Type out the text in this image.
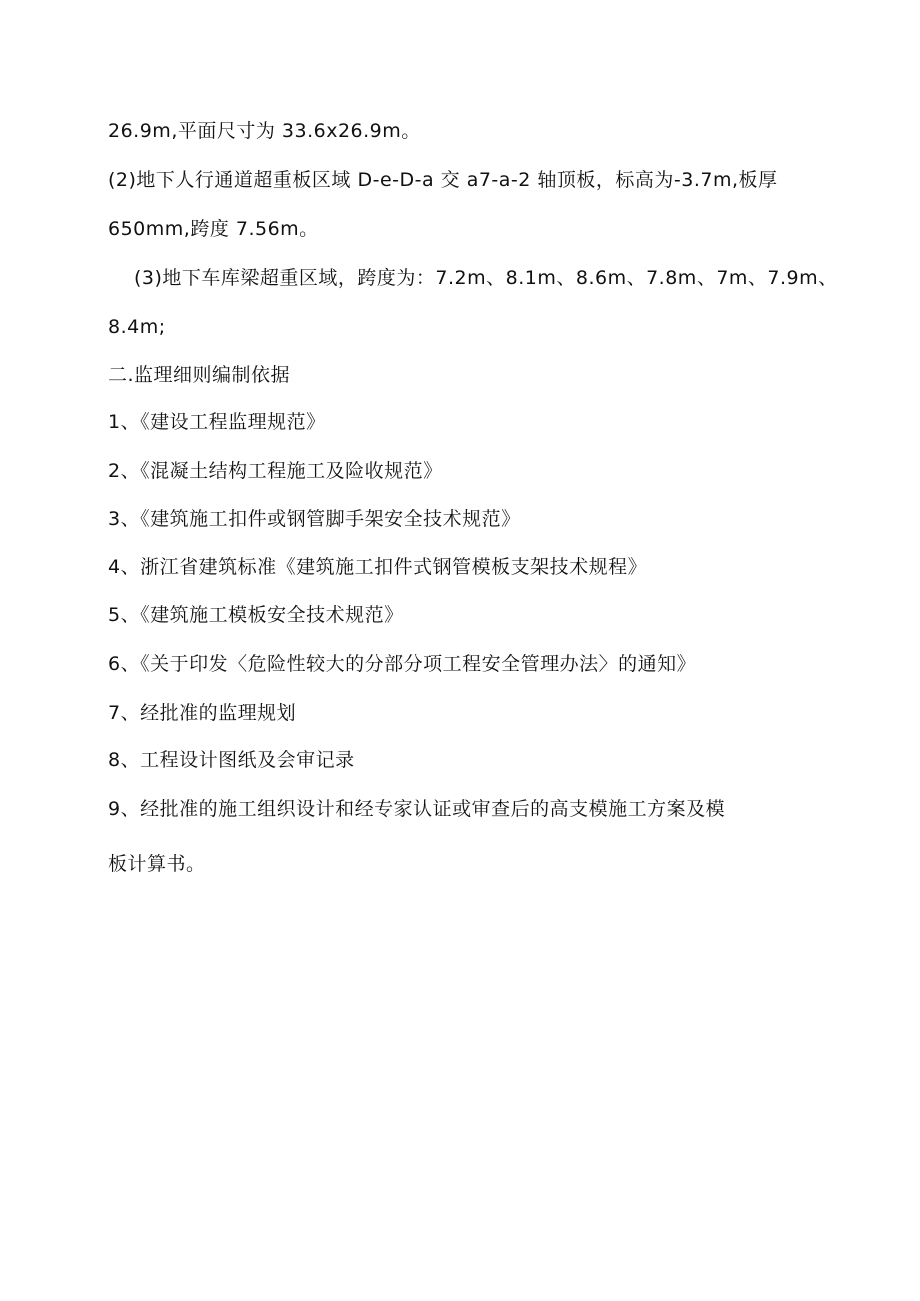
26.9m,平面尺寸为 33.6x26.9m。
(2)地下人行通道超重板区域 D-e-D-a 交 a7-a-2 轴顶板，标高为-3.7m,板厚
650mm,跨度 7.56m。
(3)地下车库梁超重区域，跨度为：7.2m、8.1m、8.6m、7.8m、7m、7.9m、
8.4m;
二.监理细则编制依据
1、《建设工程监理规范》
2、《混凝土结构工程施工及险收规范》
3、《建筑施工扣件或钢管脚手架安全技术规范》
4、浙江省建筑标准《建筑施工扣件式钢管模板支架技术规程》
5、《建筑施工模板安全技术规范》
6、《关于印发〈危险性较大的分部分项工程安全管理办法〉的通知》
7、经批准的监理规划
8、工程设计图纸及会审记录
9、经批准的施工组织设计和经专家认证或审查后的高支模施工方案及模
板计算书。
